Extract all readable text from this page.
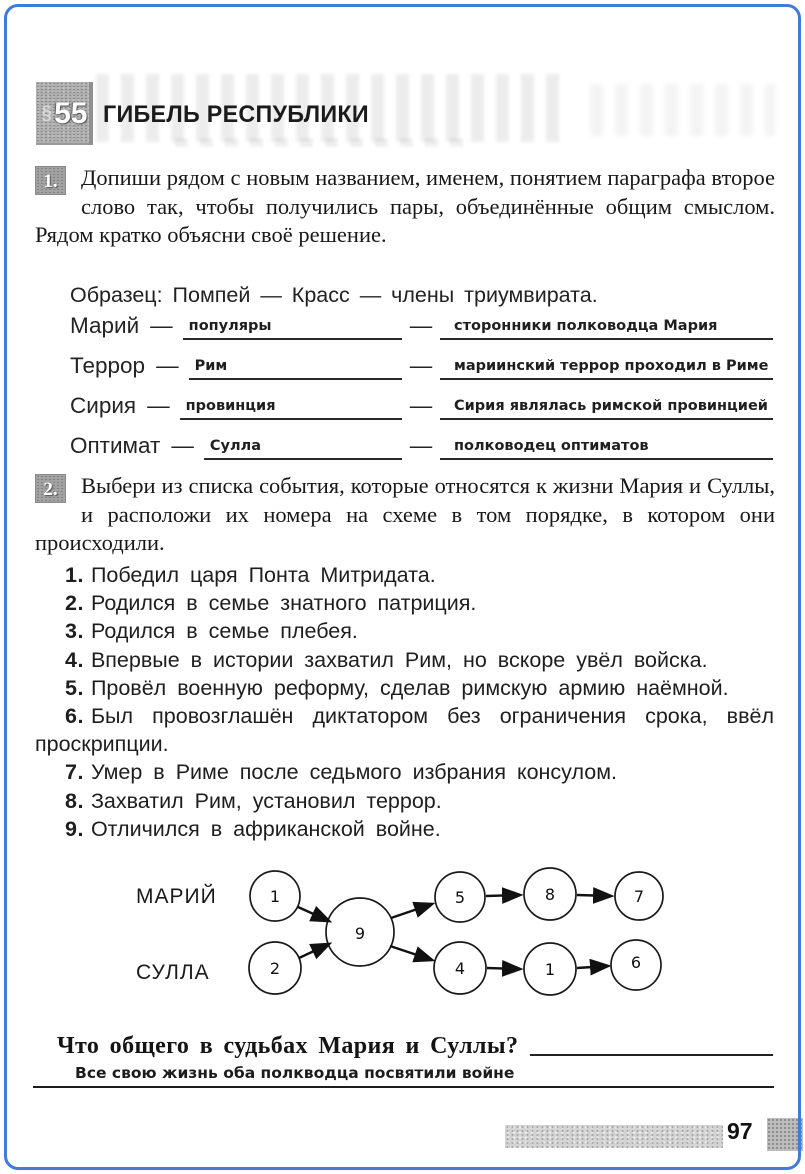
§ 55 ГИБЕЛЬ РЕСПУБЛИКИ
1.	Допиши рядом с новым названием, именем, понятием параграфа второе слово так, чтобы получились пары, объединённые общим смыслом. Рядом кратко объясни своё решение.
Образец: Помпей — Красс — члены триумвирата.
Марий — популяры	—	сторонники полководца Мария
Террор — Рим	—	мариинский террор проходил в Риме
Сирия — провинция	—	Сирия являлась римской провинцией
Оптимат — Сулла	—	полководец оптиматов
2.	Выбери из списка события, которые относятся к жизни Мария и Суллы, и расположи их номера на схеме в том порядке, в котором они происходили.
1. Победил царя Понта Митридата.
2. Родился в семье знатного патриция.
3. Родился в семье плебея.
4. Впервые в истории захватил Рим, но вскоре увёл войска.
5. Провёл военную реформу, сделав римскую армию наёмной.
6. Был провозглашён диктатором без ограничения срока, ввёл проскрипции.
7. Умер в Риме после седьмого избрания консулом.
8. Захватил Рим, установил террор.
9. Отличился в африканской войне.
МАРИЙ
СУЛЛА
1
2
9
5	8	7
4	1	6
Что общего в судьбах Мария и Суллы?
Все свою жизнь оба полкводца посвятили войне
97
